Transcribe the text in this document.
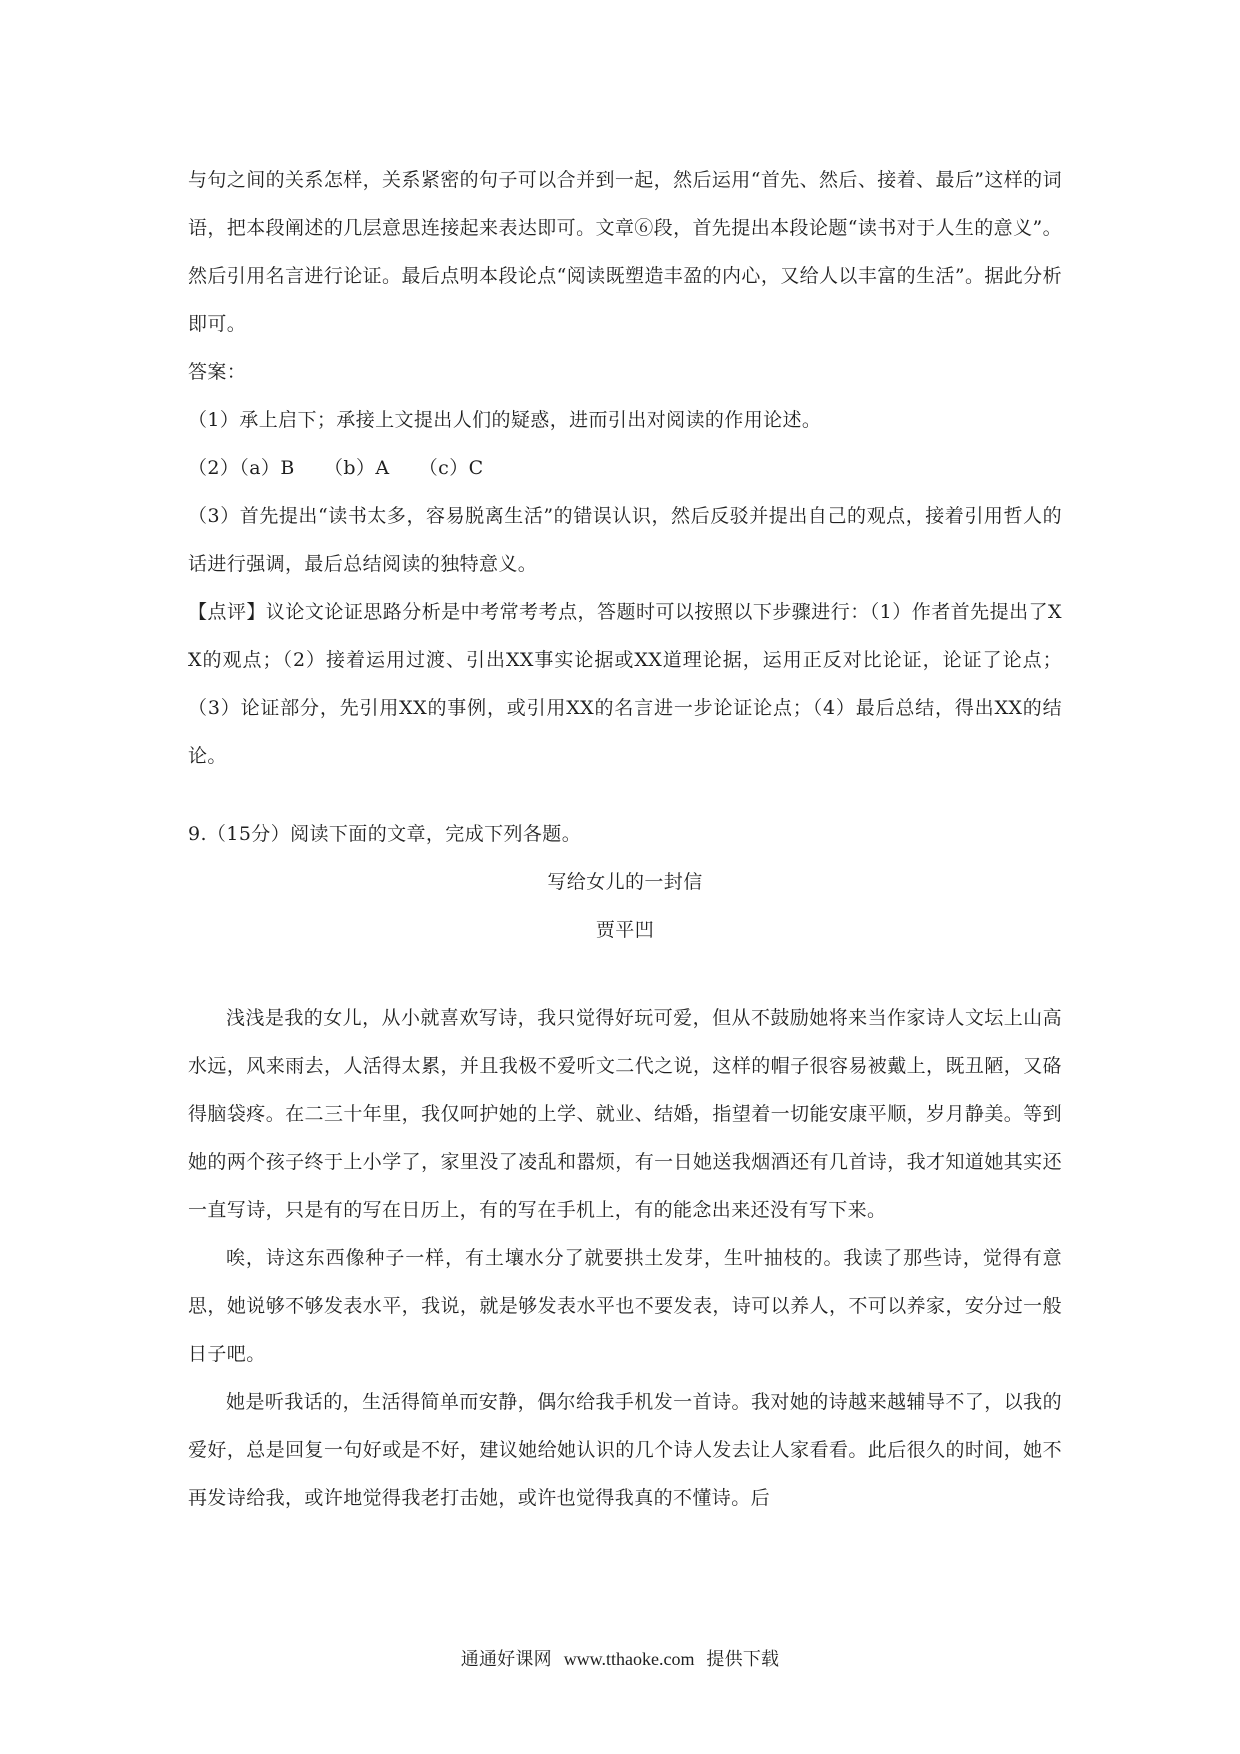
与句之间的关系怎样，关系紧密的句子可以合并到一起，然后运用“首先、然后、接着、最后”这样的词语，把本段阐述的几层意思连接起来表达即可。文章⑥段，首先提出本段论题“读书对于人生的意义”。然后引用名言进行论证。最后点明本段论点“阅读既塑造丰盈的内心，又给人以丰富的生活”。据此分析即可。

答案：

（1）承上启下；承接上文提出人们的疑惑，进而引出对阅读的作用论述。

（2）（a）B　　（b）A　　（c）C

（3）首先提出“读书太多，容易脱离生活”的错误认识，然后反驳并提出自己的观点，接着引用哲人的话进行强调，最后总结阅读的独特意义。

【点评】议论文论证思路分析是中考常考考点，答题时可以按照以下步骤进行：（1）作者首先提出了XX的观点；（2）接着运用过渡、引出XX事实论据或XX道理论据，运用正反对比论证，论证了论点；（3）论证部分，先引用XX的事例，或引用XX的名言进一步论证论点；（4）最后总结，得出XX的结论。

9.（15分）阅读下面的文章，完成下列各题。

写给女儿的一封信

贾平凹

浅浅是我的女儿，从小就喜欢写诗，我只觉得好玩可爱，但从不鼓励她将来当作家诗人文坛上山高水远，风来雨去，人活得太累，并且我极不爱听文二代之说，这样的帽子很容易被戴上，既丑陋，又硌得脑袋疼。在二三十年里，我仅呵护她的上学、就业、结婚，指望着一切能安康平顺，岁月静美。等到她的两个孩子终于上小学了，家里没了凌乱和嚣烦，有一日她送我烟酒还有几首诗，我才知道她其实还一直写诗，只是有的写在日历上，有的写在手机上，有的能念出来还没有写下来。

唉，诗这东西像种子一样，有土壤水分了就要拱土发芽，生叶抽枝的。我读了那些诗，觉得有意思，她说够不够发表水平，我说，就是够发表水平也不要发表，诗可以养人，不可以养家，安分过一般日子吧。

她是听我话的，生活得简单而安静，偶尔给我手机发一首诗。我对她的诗越来越辅导不了，以我的爱好，总是回复一句好或是不好，建议她给她认识的几个诗人发去让人家看看。此后很久的时间，她不再发诗给我，或许地觉得我老打击她，或许也觉得我真的不懂诗。后

通通好课网 www.tthaoke.com 提供下载
